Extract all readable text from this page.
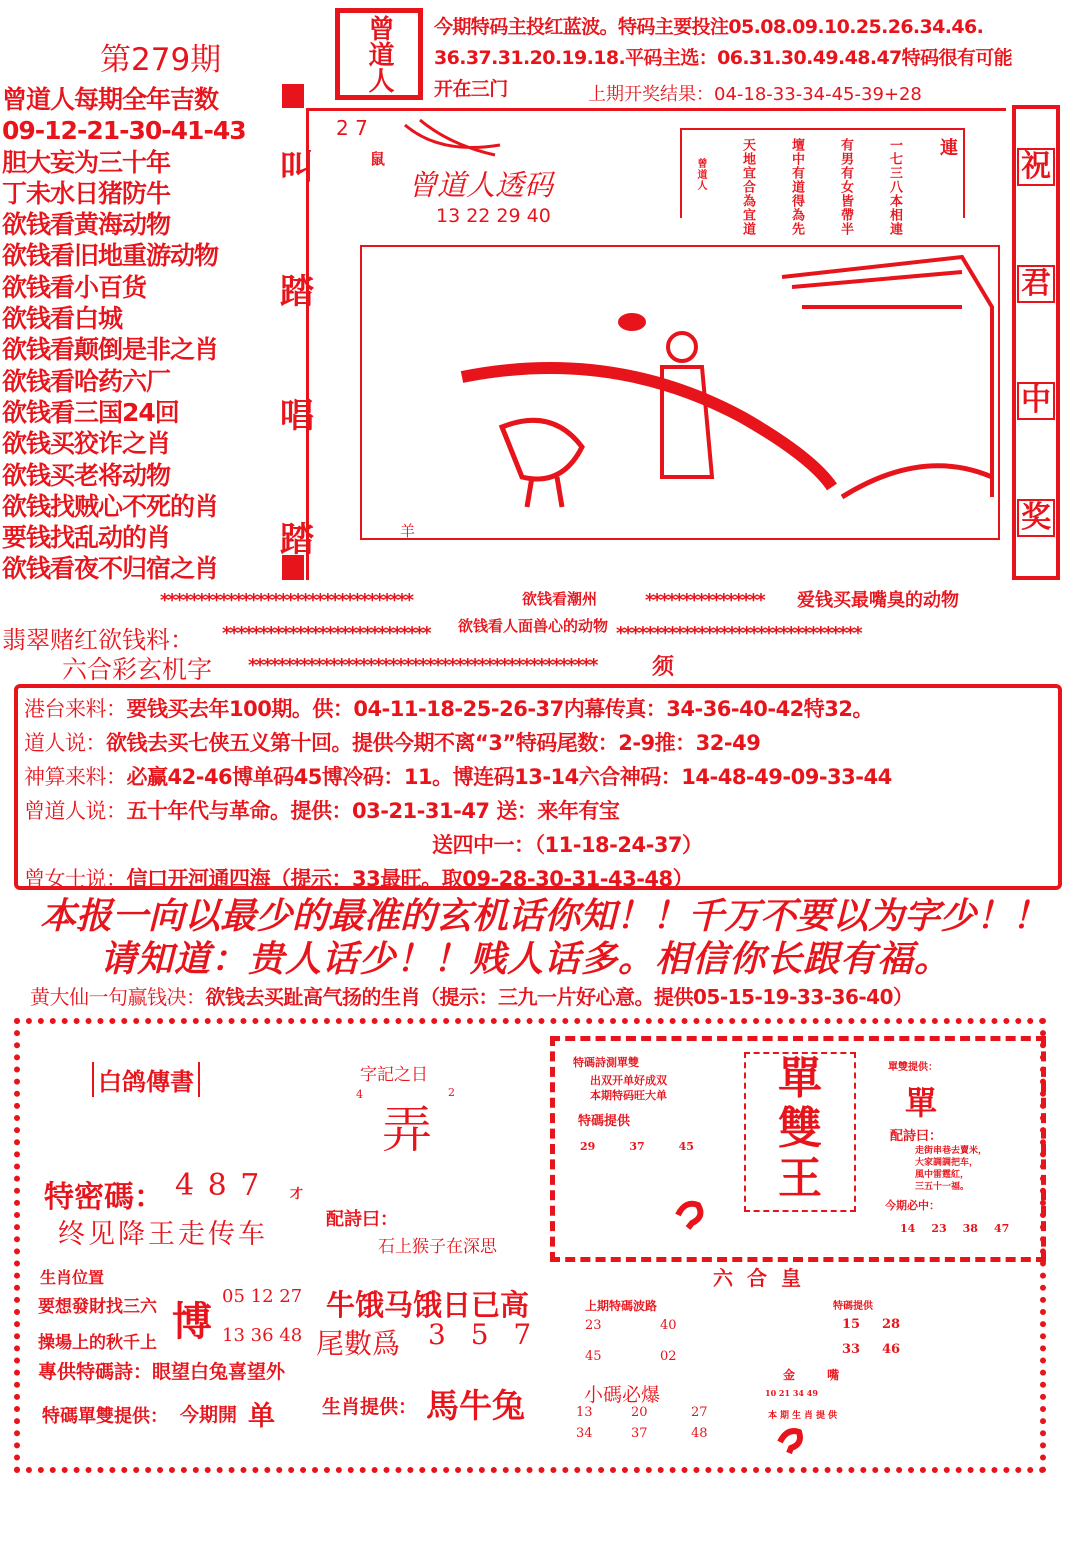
第279期
曾道人每期全年吉数
09-12-21-30-41-43
胆大妄为三十年
丁未水日猪防牛
欲钱看黄海动物
欲钱看旧地重游动物
欲钱看小百货
欲钱看白城
欲钱看颠倒是非之肖
欲钱看哈药六厂
欲钱看三国24回
欲钱买狡诈之肖
欲钱买老将动物
欲钱找贼心不死的肖
要钱找乱动的肖
欲钱看夜不归宿之肖
曾道人 今期特码主投红蓝波。特码主要投注05.08.09.10.25.26.34.46.
36.37.31.20.19.18.平码主选：06.31.30.49.48.47特码很有可能
开在三门	上期开奖结果：04-18-33-34-45-39+28
叫
踏
唱
踏
2 7
鼠
曾道人透码
13 22 29 40
連
一七三八本相連
有男有女皆帶半
壇中有道得為先
天地宜合為宜道
曾道人
羊
祝
君
中
奖
**********************************	欲钱看潮州	**************** 爱钱买最嘴臭的动物
翡翠赌红欲钱料： **************************** 欲钱看人面兽心的动物 *********************************
六合彩玄机字 ***********************************************	须
港台来料：要钱买去年100期。供：04-11-18-25-26-37内幕传真：34-36-40-42特32。
道人说：欲钱去买七侠五义第十回。提供今期不离“3”特码尾数：2-9推：32-49
神算来料：必赢42-46博单码45博冷码：11。博连码13-14六合神码：14-48-49-09-33-44
曾道人说：五十年代与革命。提供：03-21-31-47 送：来年有宝
送四中一：（11-18-24-37）
曾女士说：信口开河通四海（提示：33最旺。取09-28-30-31-43-48）
本报一向以最少的最准的玄机话你知！！千万不要以为字少！！
请知道：贵人话少！！贱人话多。相信你长跟有福。
黄大仙一句赢钱决：欲钱去买趾高气扬的生肖（提示：三九一片好心意。提供05-15-19-33-36-40）
白鸽傳書	字記之日
4	2
弄
特密碼： 4 8 7 才
终见降王走传车	配詩曰：
石上猴子在深思
生肖位置
要想發財找三六
操場上的秋千上 博
05 12 27
13 36 48
牛饿马饿日已高
尾數爲 3 5 7
專供特碼詩：眼望白兔喜望外
特碼單雙提供： 今期開 单 生肖提供： 馬牛兔
特碼詩測單雙
出双开单好成双
本期特码旺大单
特碼提供
29	37	45
單
雙
王
單雙提供：
單
配詩曰：
走街串巷去賣米，
大家調調把车，
風中雷霆紅，
三五十一福。
今期必中：
14 23 38 47
六合皇
上期特碼波路
23	40
45	02
特碼提供
15	28
33	46
金 嘴
小碼必爆	10 21 34 49
13	20	27
34	37	48
本期生肖提供
